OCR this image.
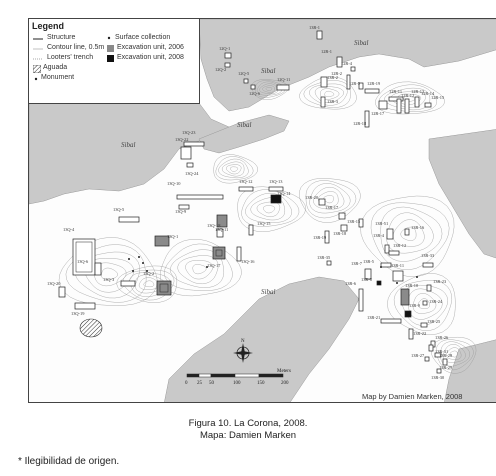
13R-1
13R-2
13R-3
13Q-1
13Q-2
13Q-3
13Q-4
13Q-5
13Q-6
12Q-1
12Q-2
12Q-5
12Q-6
12Q-11
13Q-9
13Q-10
13Q-11
13Q-12	13Q-13
13Q-14
13Q-15
13Q-16
13Q-17
13Q-18
13Q-19
13Q-20
13Q-22
13Q-23
13Q-24
12R-1
12R-2
12R-4
12R-5
12R-11
12R-12
12R-13
12R-14
12R-15
12R-17
12R-18
12R-19
13R-4
13R-5
13R-6
13R-7
13R-8
13R-9
13R-10
13R-11
13R-12
13R-15
13R-16
13R-17
13R-18
13R-19
13R-20
13R-21
13R-22
13R-23
13R-24
13R-25
13R-26
13R-27	13R-28
13R-29
13R-30
13R-31
13R-33
13R-35
13R-51
Sibal
Sibal
Sibal
Sibal
Sibal
N
0 25 50	100	150	200
Meters
Legend
Structure
Contour line, 0.5m
Looters' trench
Aguada
Monument
Surface collection
Excavation unit, 2006
Excavation unit, 2008
Map by Damien Marken, 2008
Figura 10. La Corona, 2008.
Mapa: Damien Marken
* Ilegibilidad de origen.
